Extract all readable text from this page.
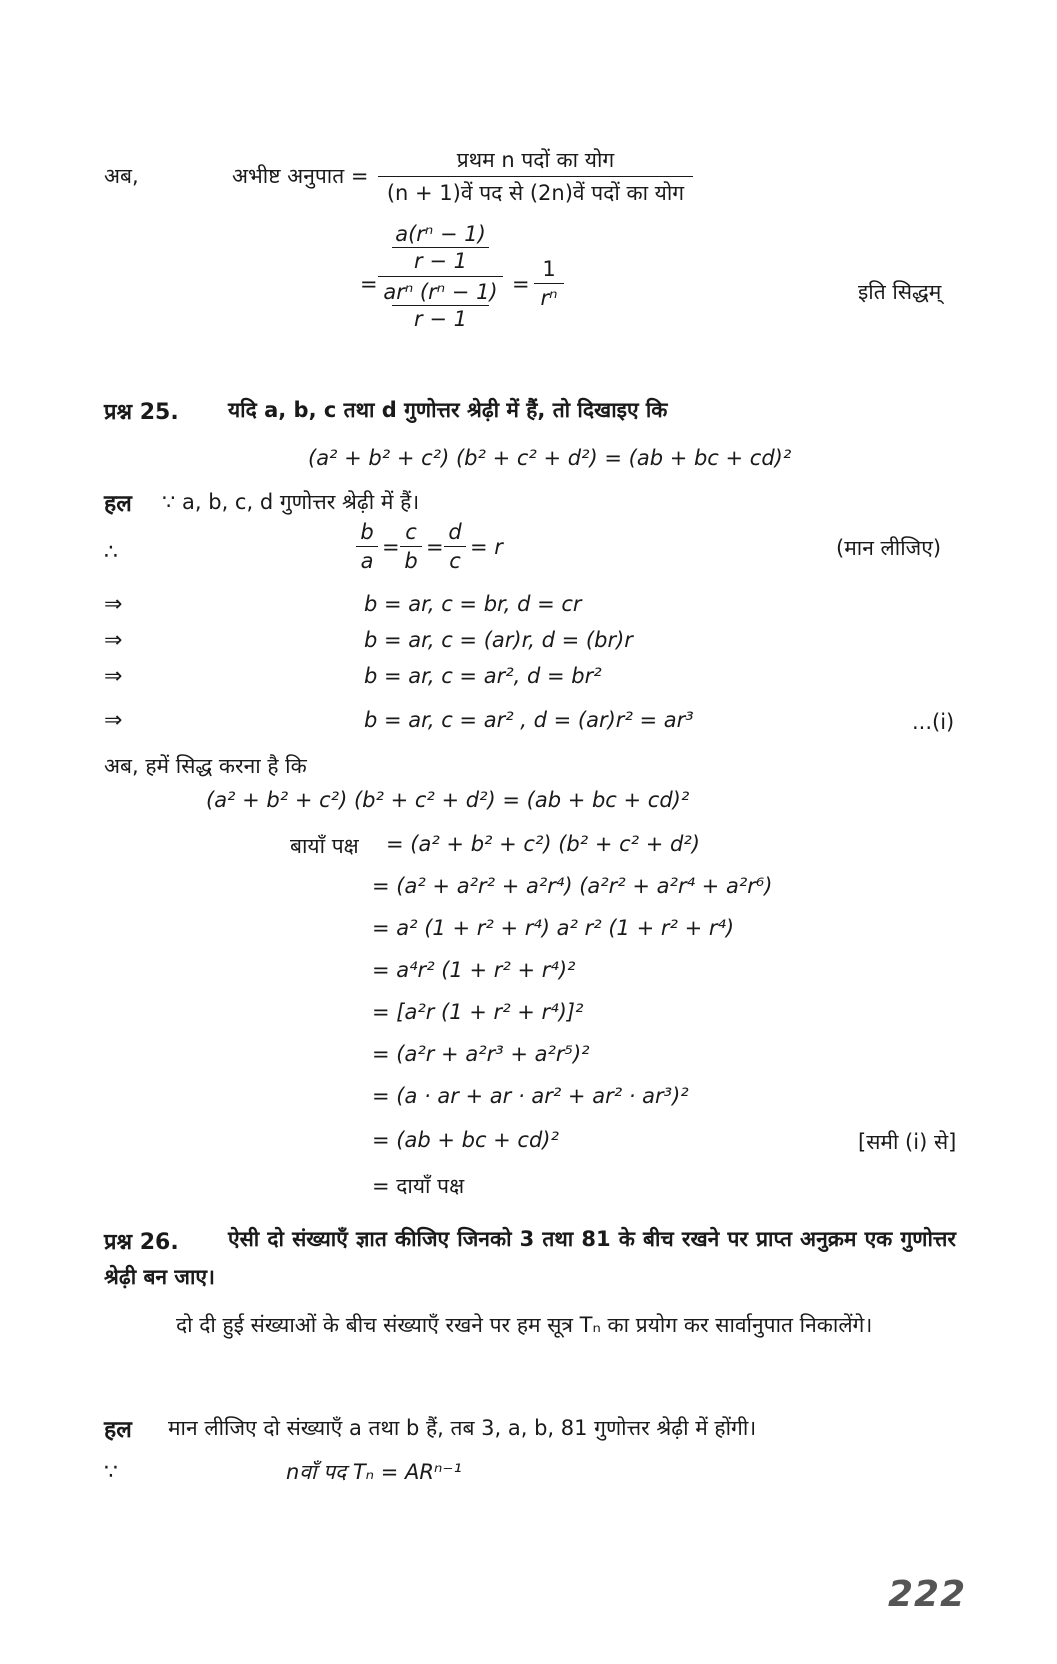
अब,	अभीष्ट अनुपात =
प्रथम n पदों का योग
(n + 1)वें पद से (2n)वें पदों का योग
=
a(rⁿ − 1)
r − 1
arⁿ (rⁿ − 1)
r − 1
=
1
rⁿ	इति सिद्धम्
प्रश्न 25. यदि a, b, c तथा d गुणोत्तर श्रेढ़ी में हैं, तो दिखाइए कि
(a² + b² + c²) (b² + c² + d²) = (ab + bc + cd)²
हल ∵ a, b, c, d गुणोत्तर श्रेढ़ी में हैं।
∴
b
a
=
c
b
=
d
c
= r	(मान लीजिए)
⇒	b = ar, c = br, d = cr
⇒	b = ar, c = (ar)r, d = (br)r
⇒	b = ar, c = ar², d = br²
⇒	b = ar, c = ar² , d = (ar)r² = ar³	...(i)
अब, हमें सिद्ध करना है कि
(a² + b² + c²) (b² + c² + d²) = (ab + bc + cd)²
बायाँ पक्ष = (a² + b² + c²) (b² + c² + d²)
= (a² + a²r² + a²r⁴) (a²r² + a²r⁴ + a²r⁶)
= a² (1 + r² + r⁴) a² r² (1 + r² + r⁴)
= a⁴r² (1 + r² + r⁴)²
= [a²r (1 + r² + r⁴)]²
= (a²r + a²r³ + a²r⁵)²
= (a · ar + ar · ar² + ar² · ar³)²
= (ab + bc + cd)²	[समी (i) से]
= दायाँ पक्ष
प्रश्न 26.	ऐसी दो संख्याएँ ज्ञात कीजिए जिनको 3 तथा 81 के बीच रखने पर प्राप्त अनुक्रम एक गुणोत्तर श्रेढ़ी बन जाए।
दो दी हुई संख्याओं के बीच संख्याएँ रखने पर हम सूत्र Tₙ का प्रयोग कर सार्वानुपात निकालेंगे।
हल मान लीजिए दो संख्याएँ a तथा b हैं, तब 3, a, b, 81 गुणोत्तर श्रेढ़ी में होंगी।
∵	nवाँ पद Tₙ = ARⁿ⁻¹
222
